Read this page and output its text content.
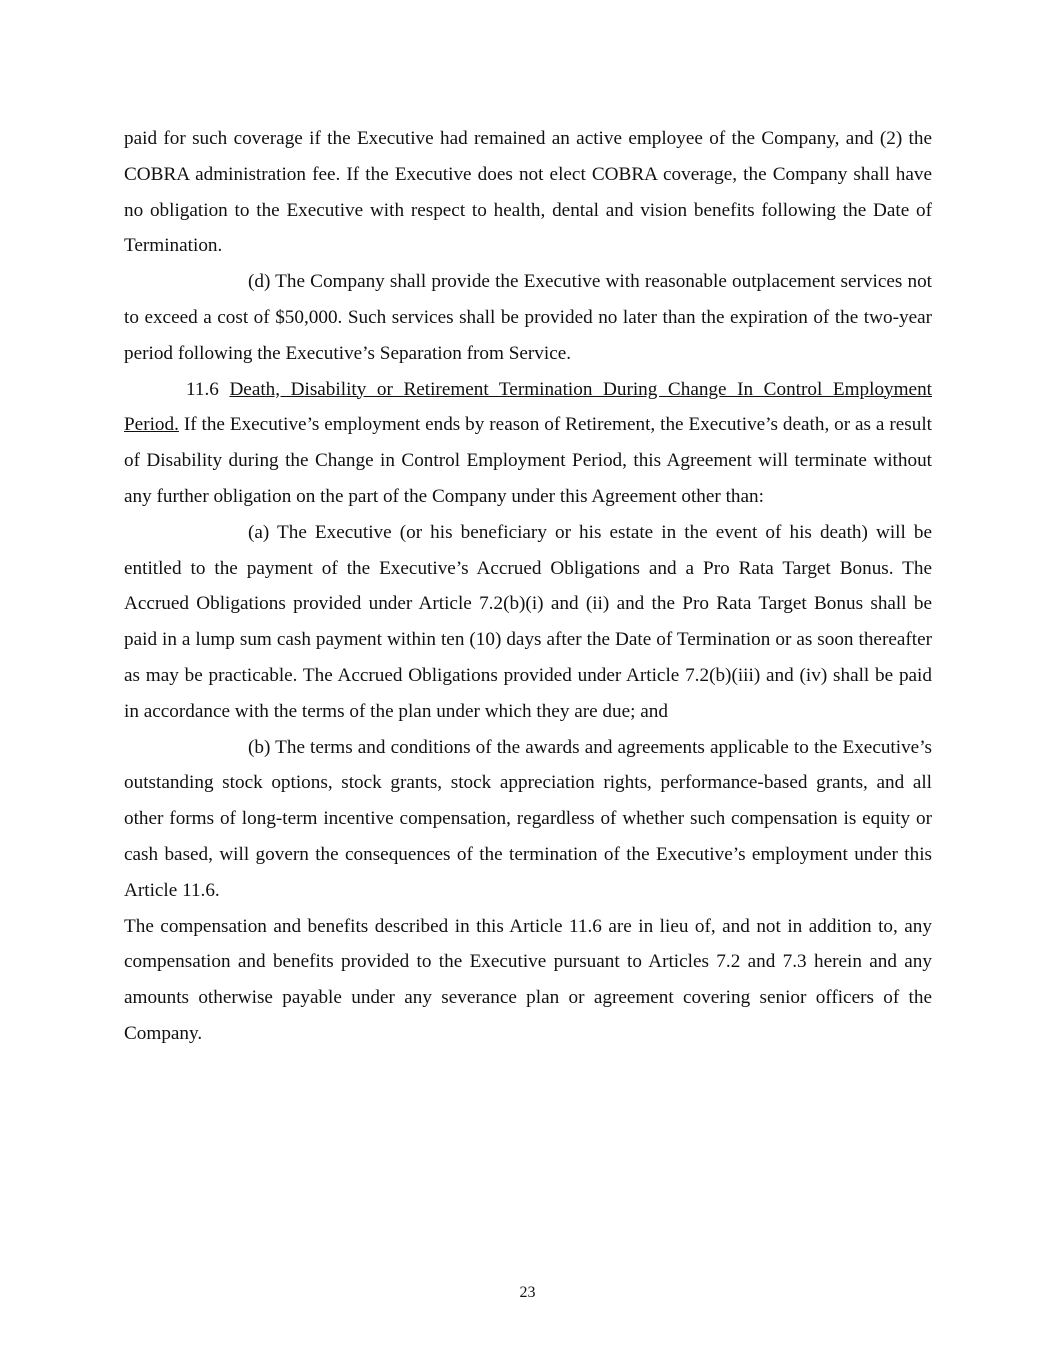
paid for such coverage if the Executive had remained an active employee of the Company, and (2) the COBRA administration fee. If the Executive does not elect COBRA coverage, the Company shall have no obligation to the Executive with respect to health, dental and vision benefits following the Date of Termination.

(d) The Company shall provide the Executive with reasonable outplacement services not to exceed a cost of $50,000. Such services shall be provided no later than the expiration of the two-year period following the Executive’s Separation from Service.

11.6 Death, Disability or Retirement Termination During Change In Control Employment Period. If the Executive’s employment ends by reason of Retirement, the Executive’s death, or as a result of Disability during the Change in Control Employment Period, this Agreement will terminate without any further obligation on the part of the Company under this Agreement other than:

(a) The Executive (or his beneficiary or his estate in the event of his death) will be entitled to the payment of the Executive’s Accrued Obligations and a Pro Rata Target Bonus. The Accrued Obligations provided under Article 7.2(b)(i) and (ii) and the Pro Rata Target Bonus shall be paid in a lump sum cash payment within ten (10) days after the Date of Termination or as soon thereafter as may be practicable. The Accrued Obligations provided under Article 7.2(b)(iii) and (iv) shall be paid in accordance with the terms of the plan under which they are due; and

(b) The terms and conditions of the awards and agreements applicable to the Executive’s outstanding stock options, stock grants, stock appreciation rights, performance-based grants, and all other forms of long-term incentive compensation, regardless of whether such compensation is equity or cash based, will govern the consequences of the termination of the Executive’s employment under this Article 11.6.

The compensation and benefits described in this Article 11.6 are in lieu of, and not in addition to, any compensation and benefits provided to the Executive pursuant to Articles 7.2 and 7.3 herein and any amounts otherwise payable under any severance plan or agreement covering senior officers of the Company.

23
